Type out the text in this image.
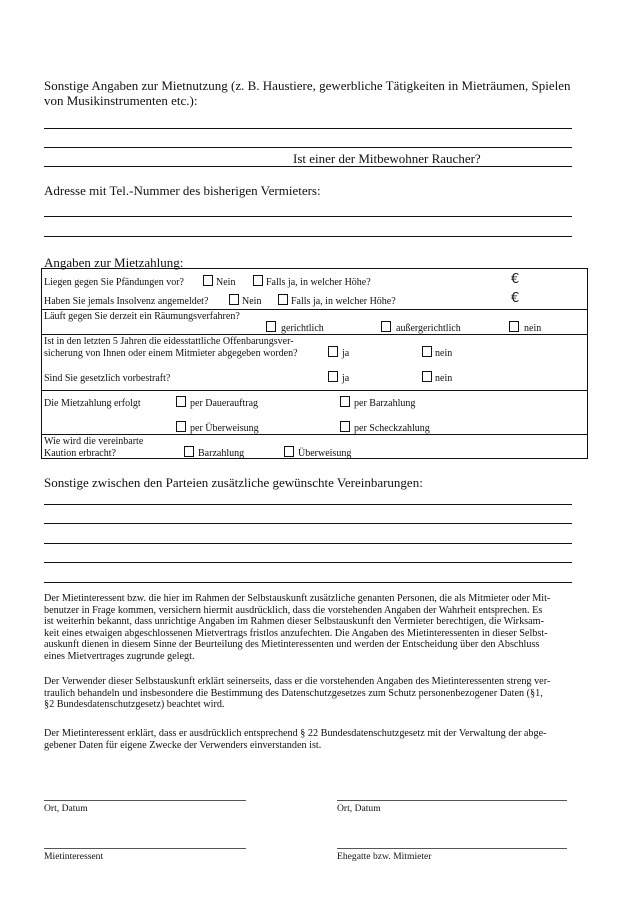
Sonstige Angaben zur Mietnutzung (z. B. Haustiere, gewerbliche Tätigkeiten in Mieträumen, Spielen
von Musikinstrumenten etc.):
Ist einer der Mitbewohner Raucher?
Adresse mit Tel.-Nummer des bisherigen Vermieters:
Angaben zur Mietzahlung:
Liegen gegen Sie Pfändungen vor?	Nein	Falls ja, in welcher Höhe?	€
Haben Sie jemals Insolvenz angemeldet?	Nein	Falls ja, in welcher Höhe?	€
Läuft gegen Sie derzeit ein Räumungsverfahren?
gerichtlich	außergerichtlich	nein
Ist in den letzten 5 Jahren die eidesstattliche Offenbarungsver-
sicherung von Ihnen oder einem Mitmieter abgegeben worden?	ja	nein
Sind Sie gesetzlich vorbestraft?	ja	nein
Die Mietzahlung erfolgt	per Dauerauftrag	per Barzahlung
per Überweisung	per Scheckzahlung
Wie wird die vereinbarte
Kaution erbracht?	Barzahlung	Überweisung
Sonstige zwischen den Parteien zusätzliche gewünschte Vereinbarungen:
Der Mietinteressent bzw. die hier im Rahmen der Selbstauskunft zusätzliche genanten Personen, die als Mitmieter oder Mit-
benutzer in Frage kommen, versichern hiermit ausdrücklich, dass die vorstehenden Angaben der Wahrheit entsprechen. Es
ist weiterhin bekannt, dass unrichtige Angaben im Rahmen dieser Selbstauskunft den Vermieter berechtigen, die Wirksam-
keit eines etwaigen abgeschlossenen Mietvertrags fristlos anzufechten. Die Angaben des Mietinteressenten in dieser Selbst-
auskunft dienen in diesem Sinne der Beurteilung des Mietinteressenten und werden der Entscheidung über den Abschluss
eines Mietvertrages zugrunde gelegt.
Der Verwender dieser Selbstauskunft erklärt seinerseits, dass er die vorstehenden Angaben des Mietinteressenten streng ver-
traulich behandeln und insbesondere die Bestimmung des Datenschutzgesetzes zum Schutz personenbezogener Daten (§1,
§2 Bundesdatenschutzgesetz) beachtet wird.
Der Mietinteressent erklärt, dass er ausdrücklich entsprechend § 22 Bundesdatenschutzgesetz mit der Verwaltung der abge-
gebener Daten für eigene Zwecke der Verwenders einverstanden ist.
Ort, Datum	Ort, Datum
Mietinteressent	Ehegatte bzw. Mitmieter
